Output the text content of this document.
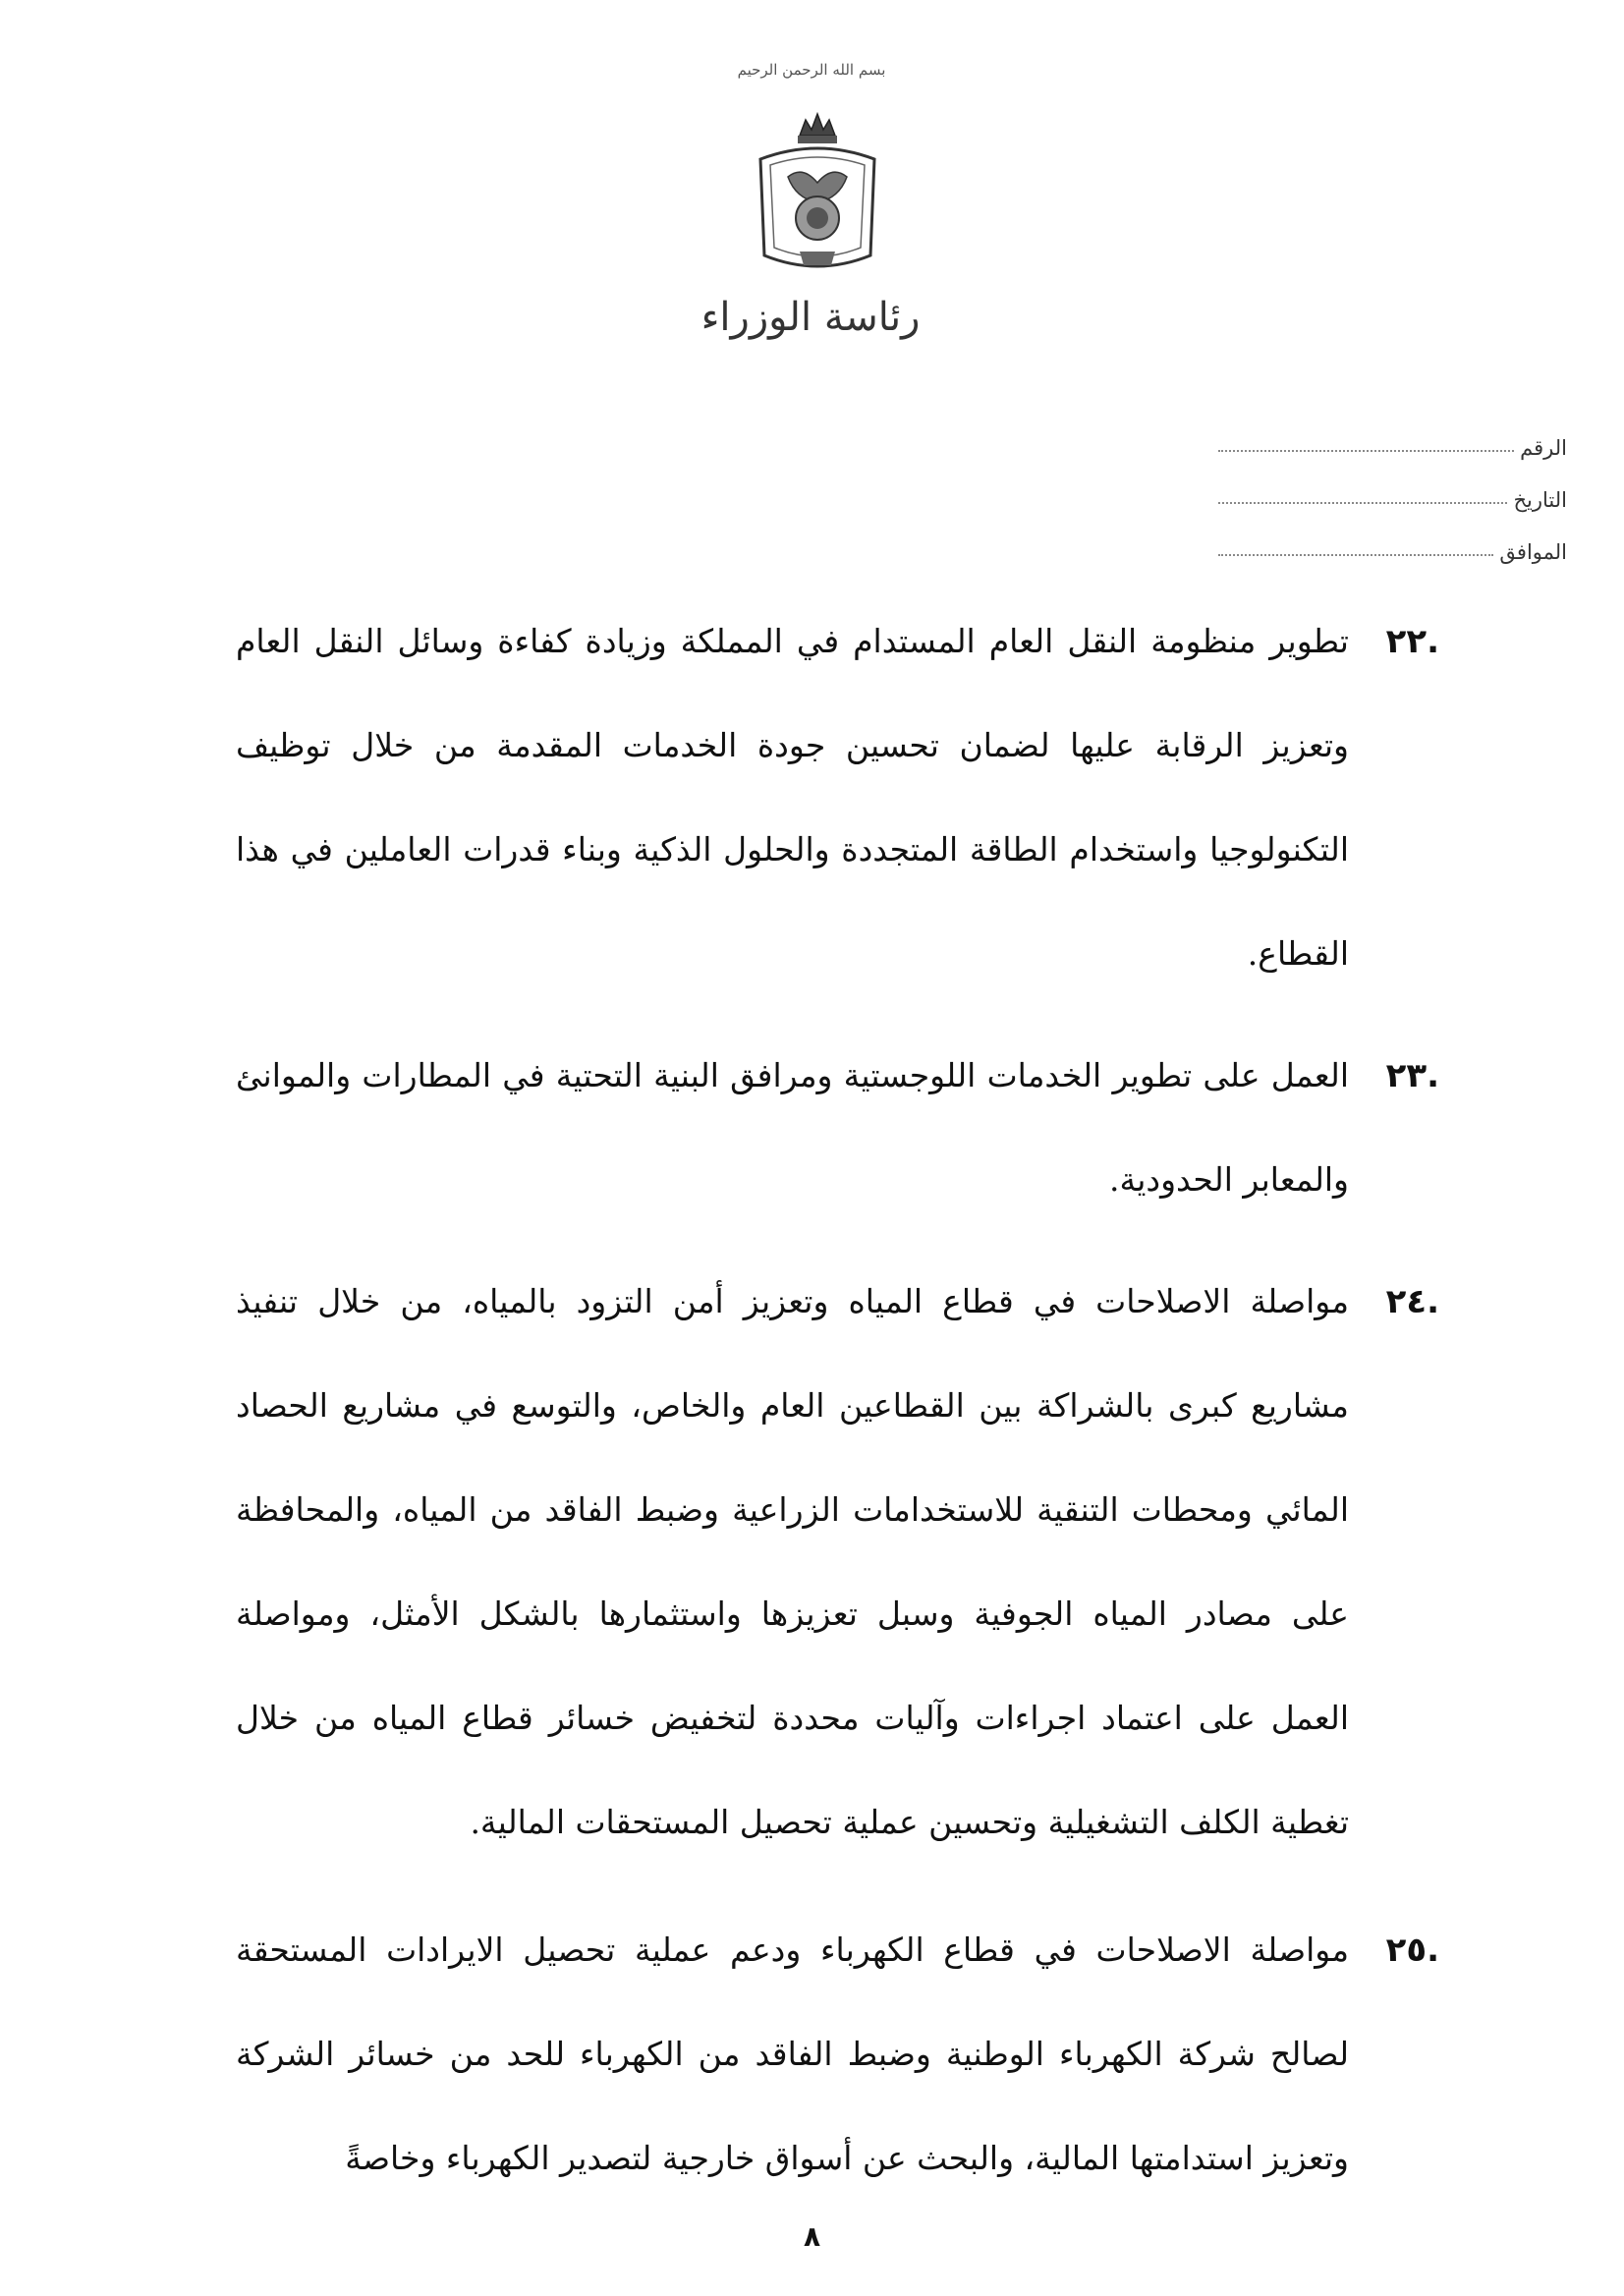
بسم الله الرحمن الرحيم
رئاسة الوزراء
الرقم
التاريخ
الموافق
.٢٢
تطوير منظومة النقل العام المستدام في المملكة وزيادة كفاءة وسائل النقل العام وتعزيز الرقابة عليها لضمان تحسين جودة الخدمات المقدمة من خلال توظيف التكنولوجيا واستخدام الطاقة المتجددة والحلول الذكية وبناء قدرات العاملين في هذا القطاع.
.٢٣
العمل على تطوير الخدمات اللوجستية ومرافق البنية التحتية في المطارات والموانئ والمعابر الحدودية.
.٢٤
مواصلة الاصلاحات في قطاع المياه وتعزيز أمن التزود بالمياه، من خلال تنفيذ مشاريع كبرى بالشراكة بين القطاعين العام والخاص، والتوسع في مشاريع الحصاد المائي ومحطات التنقية للاستخدامات الزراعية وضبط الفاقد من المياه، والمحافظة على مصادر المياه الجوفية وسبل تعزيزها واستثمارها بالشكل الأمثل، ومواصلة العمل على اعتماد اجراءات وآليات محددة لتخفيض خسائر قطاع المياه من خلال تغطية الكلف التشغيلية وتحسين عملية تحصيل المستحقات المالية.
.٢٥
مواصلة الاصلاحات في قطاع الكهرباء ودعم عملية تحصيل الايرادات المستحقة لصالح شركة الكهرباء الوطنية وضبط الفاقد من الكهرباء للحد من خسائر الشركة وتعزيز استدامتها المالية، والبحث عن أسواق خارجية لتصدير الكهرباء وخاصةً
٨
